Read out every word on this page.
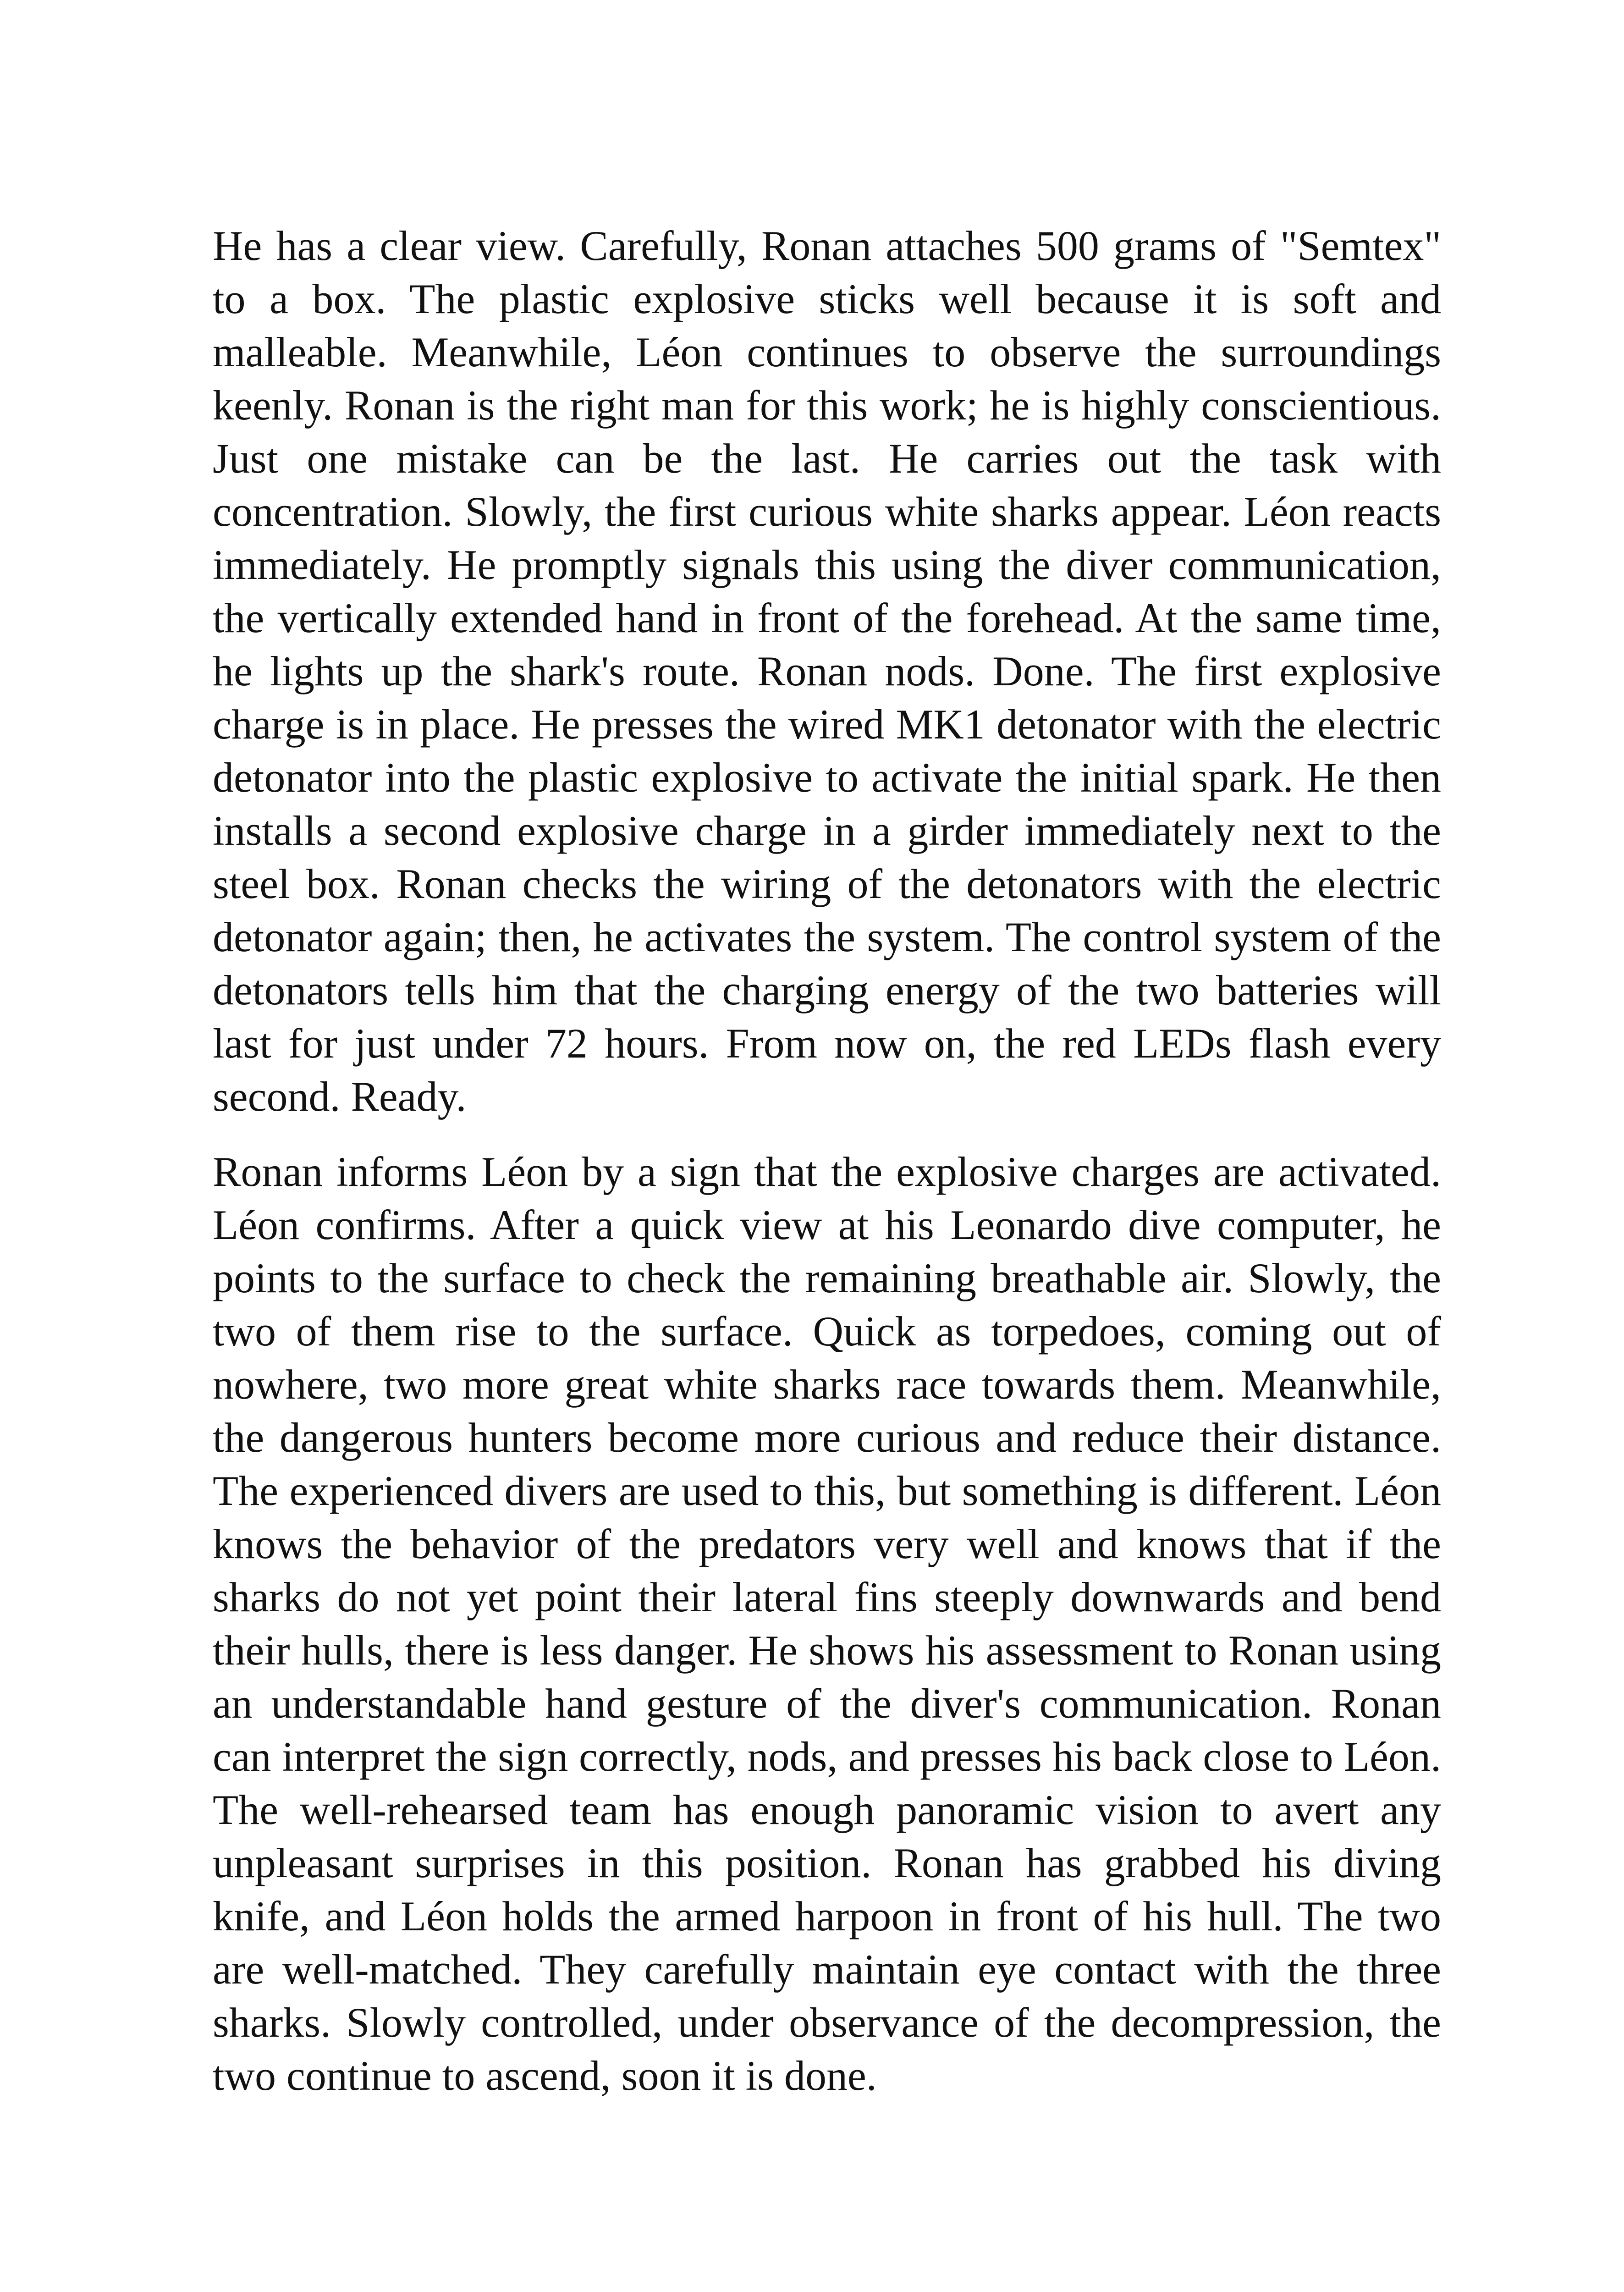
He has a clear view. Carefully, Ronan attaches 500 grams of "Semtex" to a box. The plastic explosive sticks well because it is soft and malleable. Meanwhile, Léon continues to observe the surroundings keenly. Ronan is the right man for this work; he is highly conscientious. Just one mistake can be the last. He carries out the task with concentration. Slowly, the first curious white sharks appear. Léon reacts immediately. He promptly signals this using the diver communication, the vertically extended hand in front of the forehead. At the same time, he lights up the shark's route. Ronan nods. Done. The first explosive charge is in place. He presses the wired MK1 detonator with the electric detonator into the plastic explosive to activate the initial spark. He then installs a second explosive charge in a girder immediately next to the steel box. Ronan checks the wiring of the detonators with the electric detonator again; then, he activates the system. The control system of the detonators tells him that the charging energy of the two batteries will last for just under 72 hours. From now on, the red LEDs flash every second. Ready.

Ronan informs Léon by a sign that the explosive charges are activated. Léon confirms. After a quick view at his Leonardo dive computer, he points to the surface to check the remaining breathable air. Slowly, the two of them rise to the surface. Quick as torpedoes, coming out of nowhere, two more great white sharks race towards them. Meanwhile, the dangerous hunters become more curious and reduce their distance. The experienced divers are used to this, but something is different. Léon knows the behavior of the predators very well and knows that if the sharks do not yet point their lateral fins steeply downwards and bend their hulls, there is less danger. He shows his assessment to Ronan using an understandable hand gesture of the diver's communication. Ronan can interpret the sign correctly, nods, and presses his back close to Léon. The well-rehearsed team has enough panoramic vision to avert any unpleasant surprises in this position. Ronan has grabbed his diving knife, and Léon holds the armed harpoon in front of his hull. The two are well-matched. They carefully maintain eye contact with the three sharks. Slowly controlled, under observance of the decompression, the two continue to ascend, soon it is done.
